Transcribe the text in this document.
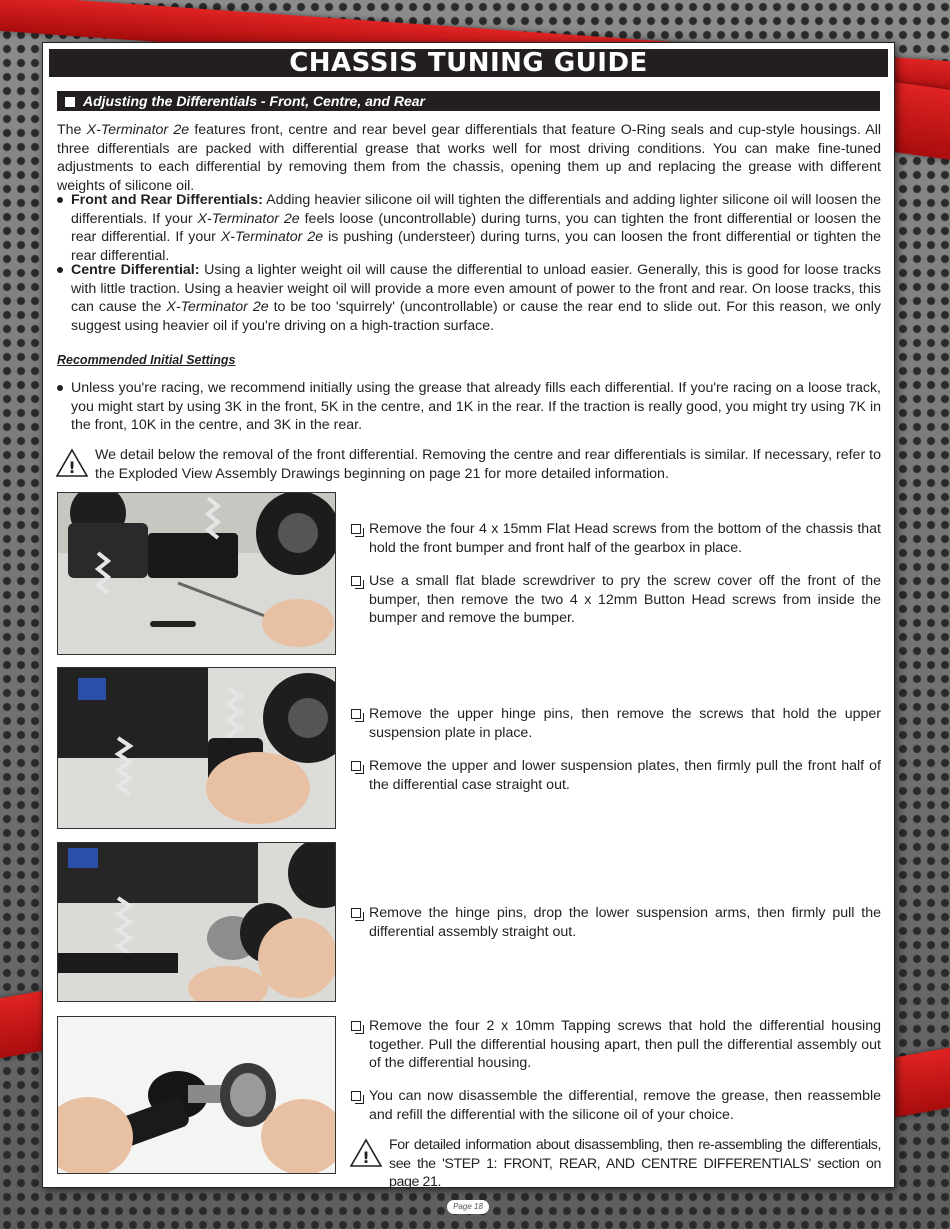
CHASSIS TUNING GUIDE
Adjusting the Differentials - Front, Centre, and Rear
The X-Terminator 2e features front, centre and rear bevel gear differentials that feature O-Ring seals and cup-style housings. All three differentials are packed with differential grease that works well for most driving conditions. You can make fine-tuned adjustments to each differential by removing them from the chassis, opening them up and replacing the grease with different weights of silicone oil.
Front and Rear Differentials: Adding heavier silicone oil will tighten the differentials and adding lighter silicone oil will loosen the differentials. If your X-Terminator 2e feels loose (uncontrollable) during turns, you can tighten the front differential or loosen the rear differential. If your X-Terminator 2e is pushing (understeer) during turns, you can loosen the front differential or tighten the rear differential.
Centre Differential: Using a lighter weight oil will cause the differential to unload easier. Generally, this is good for loose tracks with little traction. Using a heavier weight oil will provide a more even amount of power to the front and rear. On loose tracks, this can cause the X-Terminator 2e to be too 'squirrely' (uncontrollable) or cause the rear end to slide out. For this reason, we only suggest using heavier oil if you're driving on a high-traction surface.
Recommended Initial Settings
Unless you're racing, we recommend initially using the grease that already fills each differential. If you're racing on a loose track, you might start by using 3K in the front, 5K in the centre, and 1K in the rear. If the traction is really good, you might try using 7K in the front, 10K in the centre, and 3K in the rear.
!
We detail below the removal of the front differential. Removing the centre and rear differentials is similar. If necessary, refer to the Exploded View Assembly Drawings beginning on page 21 for more detailed information.
Remove the four 4 x 15mm Flat Head screws from the bottom of the chassis that hold the front bumper and front half of the gearbox in place.
Use a small flat blade screwdriver to pry the screw cover off the front of the bumper, then remove the two 4 x 12mm Button Head screws from inside the bumper and remove the bumper.
Remove the upper hinge pins, then remove the screws that hold the upper suspension plate in place.
Remove the upper and lower suspension plates, then firmly pull the front half of the differential case straight out.
Remove the hinge pins, drop the lower suspension arms, then firmly pull the differential assembly straight out.
Remove the four 2 x 10mm Tapping screws that hold the differential housing together. Pull the differential housing apart, then pull the differential assembly out of the differential housing.
You can now disassemble the differential, remove the grease, then reassemble and refill the differential with the silicone oil of your choice.
!
For detailed information about disassembling, then re-assembling the differentials, see the 'STEP 1: FRONT, REAR, AND CENTRE DIFFERENTIALS' section on page 21.
Page 18
